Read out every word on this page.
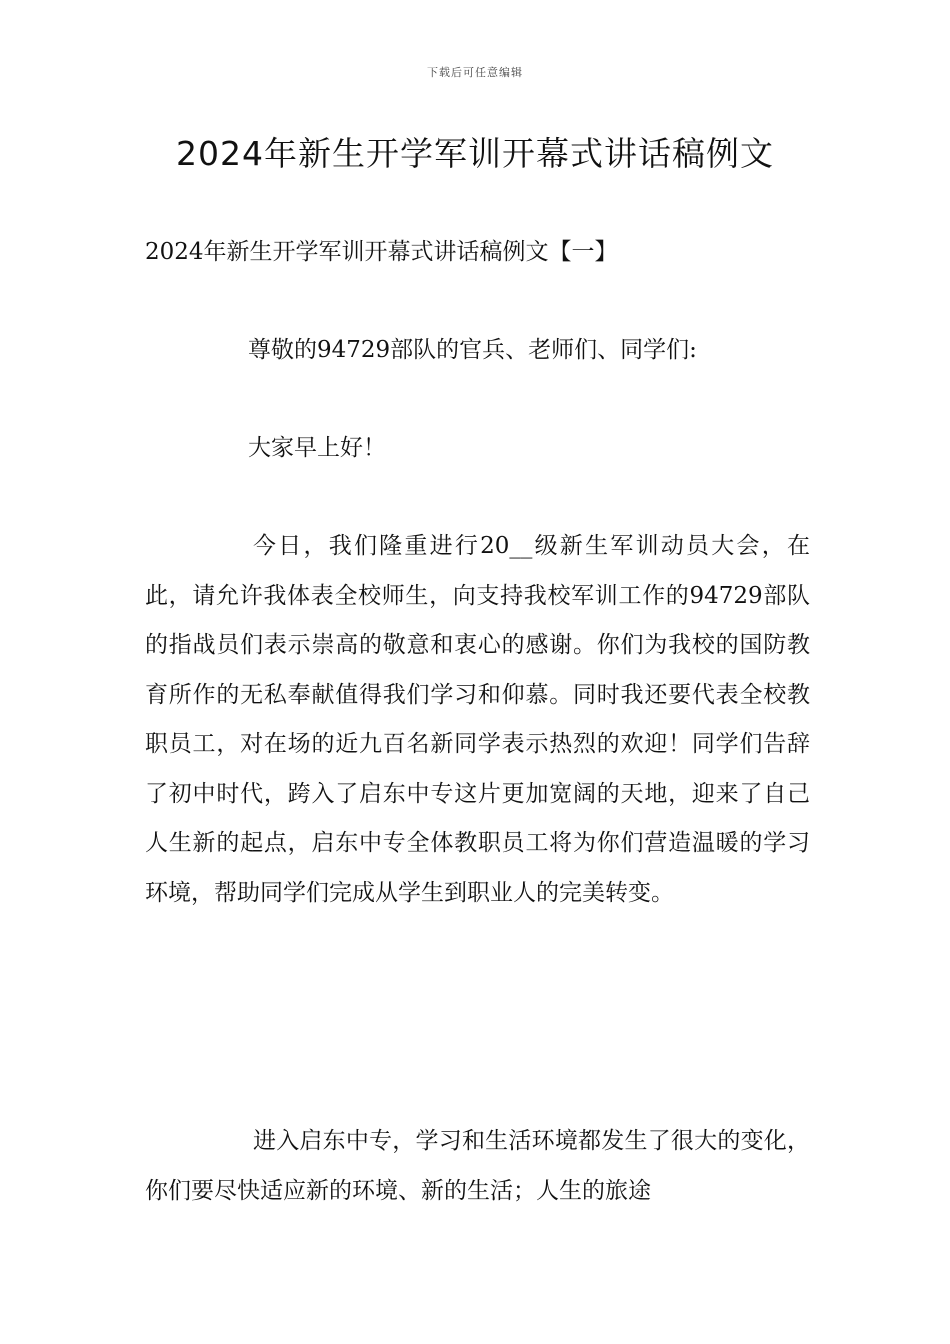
下载后可任意编辑
2024年新生开学军训开幕式讲话稿例文

2024年新生开学军训开幕式讲话稿例文【一】

尊敬的94729部队的官兵、老师们、同学们:

大家早上好！

今日，我们隆重进行20__级新生军训动员大会，在此，请允许我体表全校师生，向支持我校军训工作的94729部队的指战员们表示崇高的敬意和衷心的感谢。你们为我校的国防教育所作的无私奉献值得我们学习和仰慕。同时我还要代表全校教职员工，对在场的近九百名新同学表示热烈的欢迎！同学们告辞了初中时代，跨入了启东中专这片更加宽阔的天地，迎来了自己人生新的起点，启东中专全体教职员工将为你们营造温暖的学习环境，帮助同学们完成从学生到职业人的完美转变。

进入启东中专，学习和生活环境都发生了很大的变化，你们要尽快适应新的环境、新的生活；人生的旅途
